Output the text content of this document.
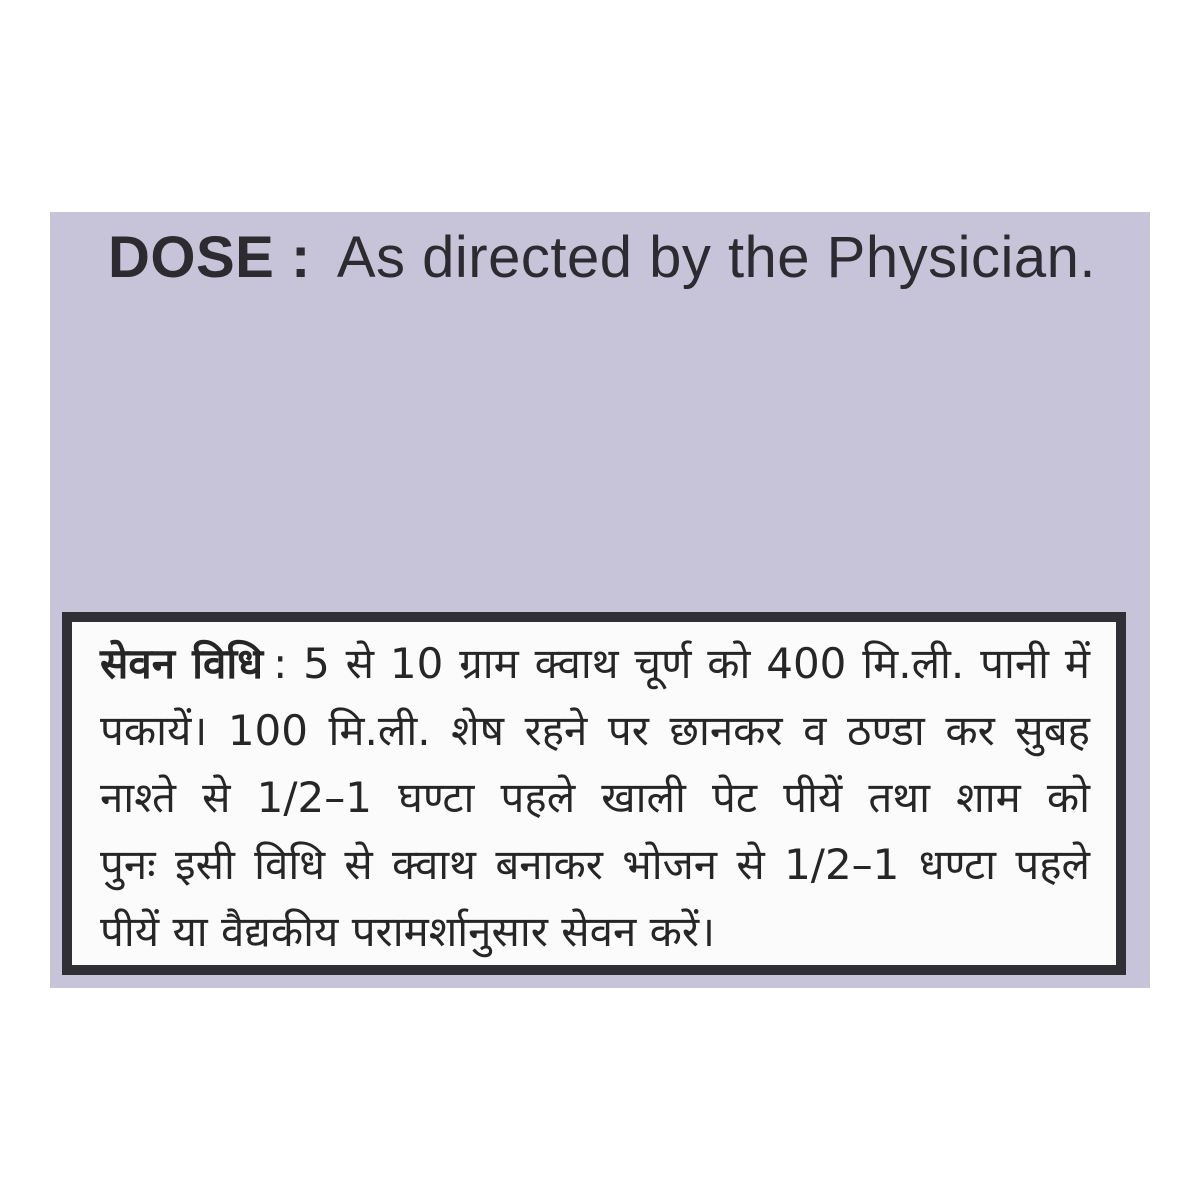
DOSE : As directed by the Physician.
सेवन विधि : 5 से 10 ग्राम क्वाथ चूर्ण को 400 मि.ली. पानी में
पकायें। 100 मि.ली. शेष रहने पर छानकर व ठण्डा कर सुबह
नाश्ते से 1/2–1 घण्टा पहले खाली पेट पीयें तथा शाम को
पुनः इसी विधि से क्वाथ बनाकर भोजन से 1/2–1 धण्टा पहले
पीयें या वैद्यकीय परामर्शानुसार सेवन करें।
